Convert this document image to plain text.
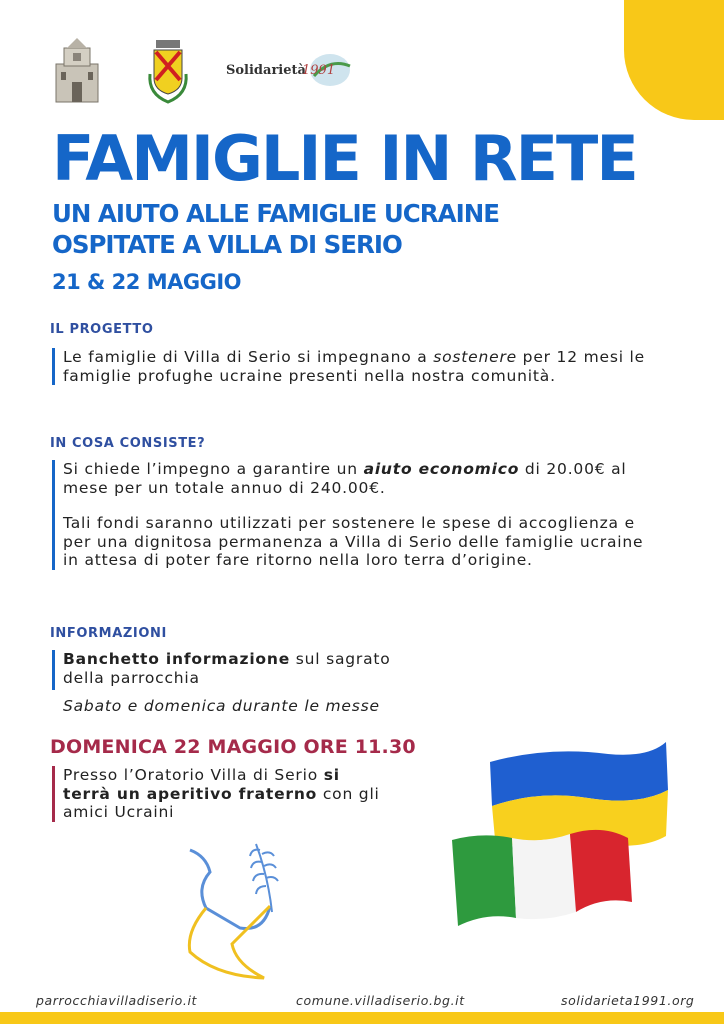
Solidarietà
1991
FAMIGLIE IN RETE
UN AIUTO ALLE FAMIGLIE UCRAINE
OSPITATE A VILLA DI SERIO
21 & 22 MAGGIO
IL PROGETTO

Le famiglie di Villa di Serio si impegnano a sostenere per 12 mesi le famiglie profughe ucraine presenti nella nostra comunità.

IN COSA CONSISTE?

Si chiede l’impegno a garantire un aiuto economico di 20.00€ al mese per un totale annuo di 240.00€.

Tali fondi saranno utilizzati per sostenere le spese di accoglienza e per una dignitosa permanenza a Villa di Serio delle famiglie ucraine in attesa di poter fare ritorno nella loro terra d’origine.

INFORMAZIONI

Banchetto informazione sul sagrato della parrocchia

Sabato e domenica durante le messe
DOMENICA 22 MAGGIO ORE 11.30

Presso l’Oratorio Villa di Serio si terrà un aperitivo fraterno con gli amici Ucraini

parrocchiavilladiserio.it	comune.villadiserio.bg.it	solidarieta1991.org
